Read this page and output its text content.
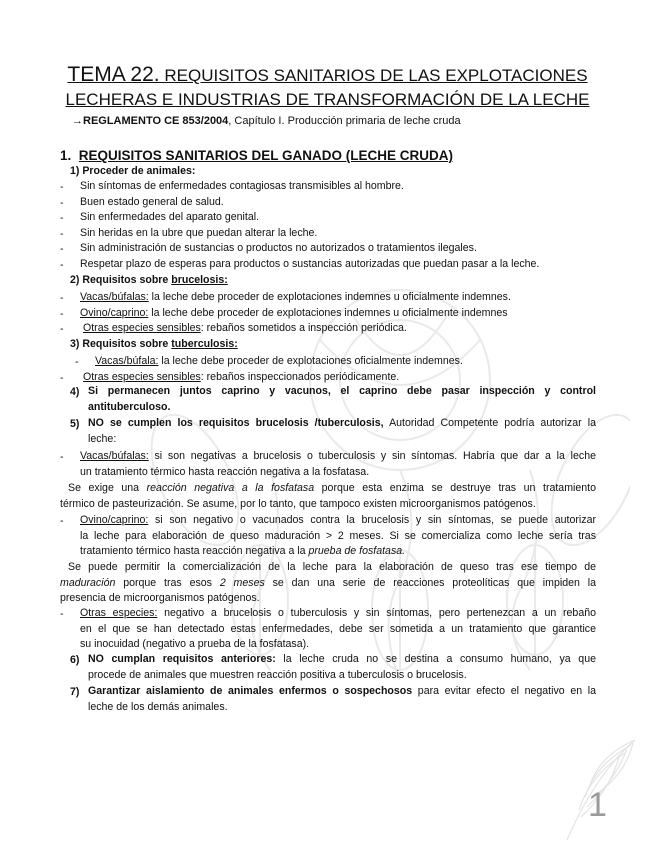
TEMA 22. REQUISITOS SANITARIOS DE LAS EXPLOTACIONES
LECHERAS E INDUSTRIAS DE TRANSFORMACIÓN DE LA LECHE
→REGLAMENTO CE 853/2004, Capítulo I. Producción primaria de leche cruda
1. REQUISITOS SANITARIOS DEL GANADO (LECHE CRUDA)
1) Proceder de animales:
- Sin síntomas de enfermedades contagiosas transmisibles al hombre.
- Buen estado general de salud.
- Sin enfermedades del aparato genital.
- Sin heridas en la ubre que puedan alterar la leche.
- Sin administración de sustancias o productos no autorizados o tratamientos ilegales.
- Respetar plazo de esperas para productos o sustancias autorizadas que puedan pasar a la leche.
2) Requisitos sobre brucelosis:
- Vacas/búfalas: la leche debe proceder de explotaciones indemnes u oficialmente indemnes.
- Ovino/caprino: la leche debe proceder de explotaciones indemnes u oficialmente indemnes
- Otras especies sensibles: rebaños sometidos a inspección periódica.
3) Requisitos sobre tuberculosis:
- Vacas/búfala: la leche debe proceder de explotaciones oficialmente indemnes.
- Otras especies sensibles: rebaños inspeccionados periódicamente.
4) Si permanecen juntos caprino y vacunos, el caprino debe pasar inspección y control
antituberculoso.
5) NO se cumplen los requisitos brucelosis /tuberculosis, Autoridad Competente podría autorizar la
leche:
- Vacas/búfalas: si son negativas a brucelosis o tuberculosis y sin síntomas. Habría que dar a la leche
un tratamiento térmico hasta reacción negativa a la fosfatasa.
Se exige una reacción negativa a la fosfatasa porque esta enzima se destruye tras un tratamiento
térmico de pasteurización. Se asume, por lo tanto, que tampoco existen microorganismos patógenos.
- Ovino/caprino: si son negativo o vacunados contra la brucelosis y sin síntomas, se puede autorizar
la leche para elaboración de queso maduración > 2 meses. Si se comercializa como leche sería tras
tratamiento térmico hasta reacción negativa a la prueba de fosfatasa.
Se puede permitir la comercialización de la leche para la elaboración de queso tras ese tiempo de
maduración porque tras esos 2 meses se dan una serie de reacciones proteolíticas que impiden la
presencia de microorganismos patógenos.
- Otras especies: negativo a brucelosis o tuberculosis y sin síntomas, pero pertenezcan a un rebaño
en el que se han detectado estas enfermedades, debe ser sometida a un tratamiento que garantice
su inocuidad (negativo a prueba de la fosfatasa).
6) NO cumplan requisitos anteriores: la leche cruda no se destina a consumo humano, ya que
procede de animales que muestren reacción positiva a tuberculosis o brucelosis.
7) Garantizar aislamiento de animales enfermos o sospechosos para evitar efecto el negativo en la
leche de los demás animales.
1
